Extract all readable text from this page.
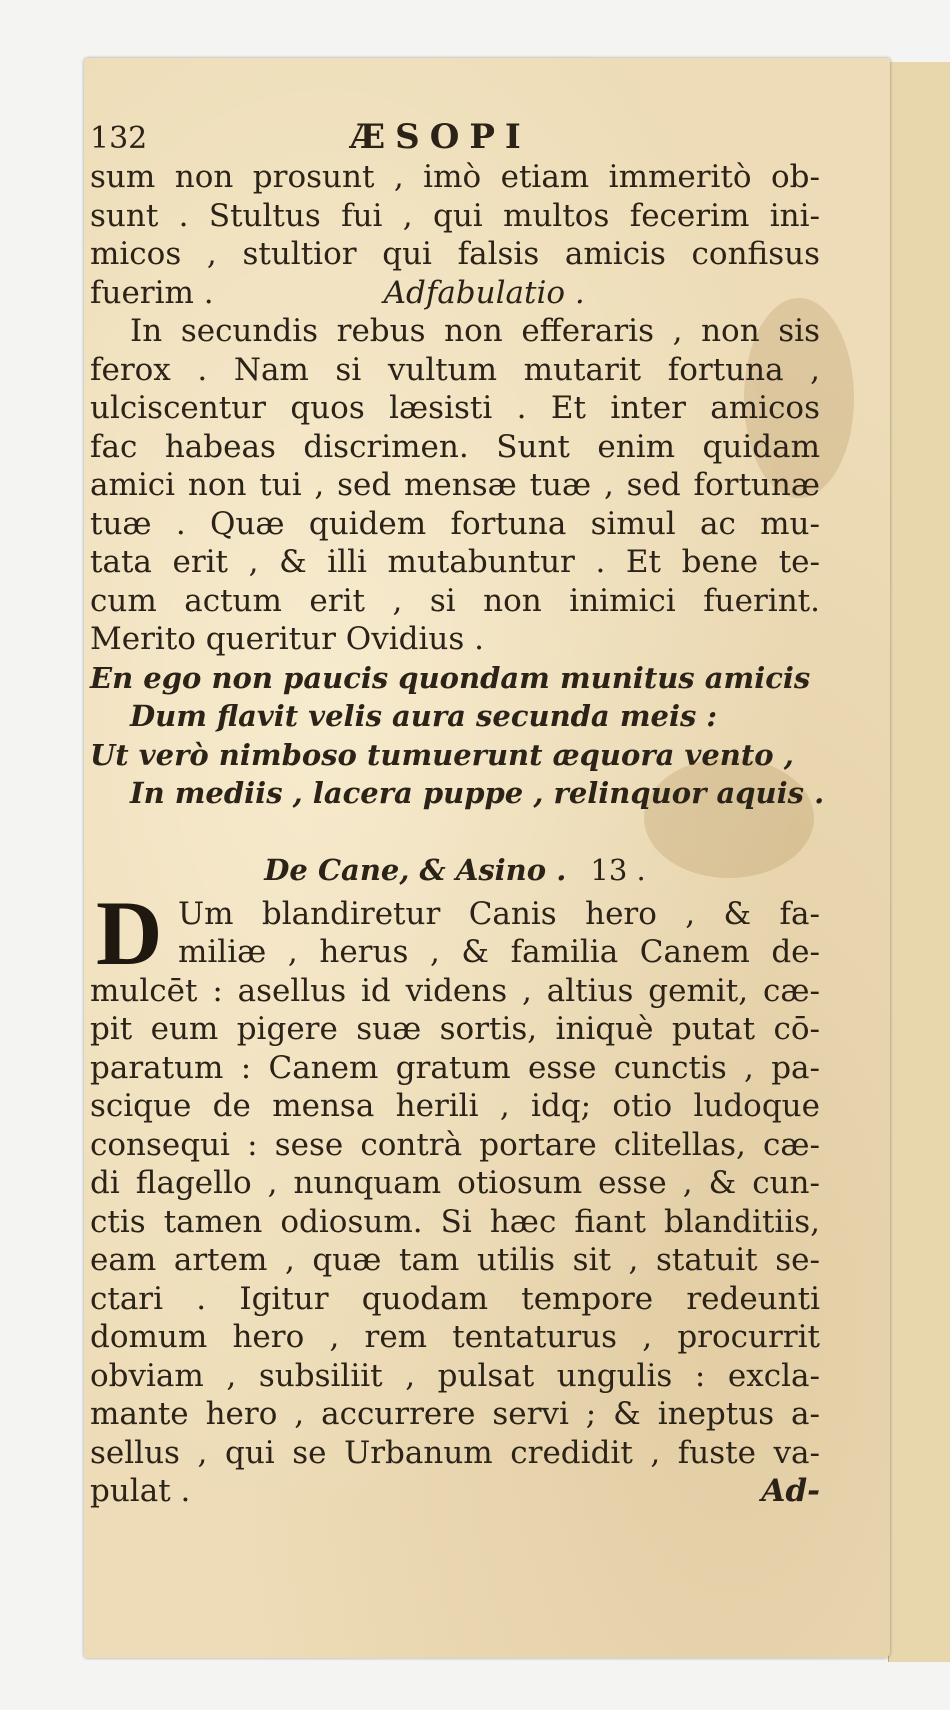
132	ÆSOPI
sum non prosunt , imò etiam immeritò ob-
sunt . Stultus fui , qui multos fecerim ini-
micos , stultior qui falsis amicis confisus
fuerim .	Adfabulatio .
In secundis rebus non efferaris , non sis
ferox . Nam si vultum mutarit fortuna ,
ulciscentur quos læsisti . Et inter amicos
fac habeas discrimen. Sunt enim quidam
amici non tui , sed mensæ tuæ , sed fortunæ
tuæ . Quæ quidem fortuna simul ac mu-
tata erit , & illi mutabuntur . Et bene te-
cum actum erit , si non inimici fuerint.
Merito queritur Ovidius .
En ego non paucis quondam munitus amicis
Dum flavit velis aura secunda meis :
Ut verò nimboso tumuerunt æquora vento ,
In mediis , lacera puppe , relinquor aquis .
De Cane, & Asino . 13 .
D Um blandiretur Canis hero , & fa-
miliæ , herus , & familia Canem de-
mulcēt : asellus id videns , altius gemit, cæ-
pit eum pigere suæ sortis, iniquè putat cō-
paratum : Canem gratum esse cunctis , pa-
scique de mensa herili , idq; otio ludoque
consequi : sese contrà portare clitellas, cæ-
di flagello , nunquam otiosum esse , & cun-
ctis tamen odiosum. Si hæc fiant blanditiis,
eam artem , quæ tam utilis sit , statuit se-
ctari . Igitur quodam tempore redeunti
domum hero , rem tentaturus , procurrit
obviam , subsiliit , pulsat ungulis : excla-
mante hero , accurrere servi ; & ineptus a-
sellus , qui se Urbanum credidit , fuste va-
pulat .	Ad-
